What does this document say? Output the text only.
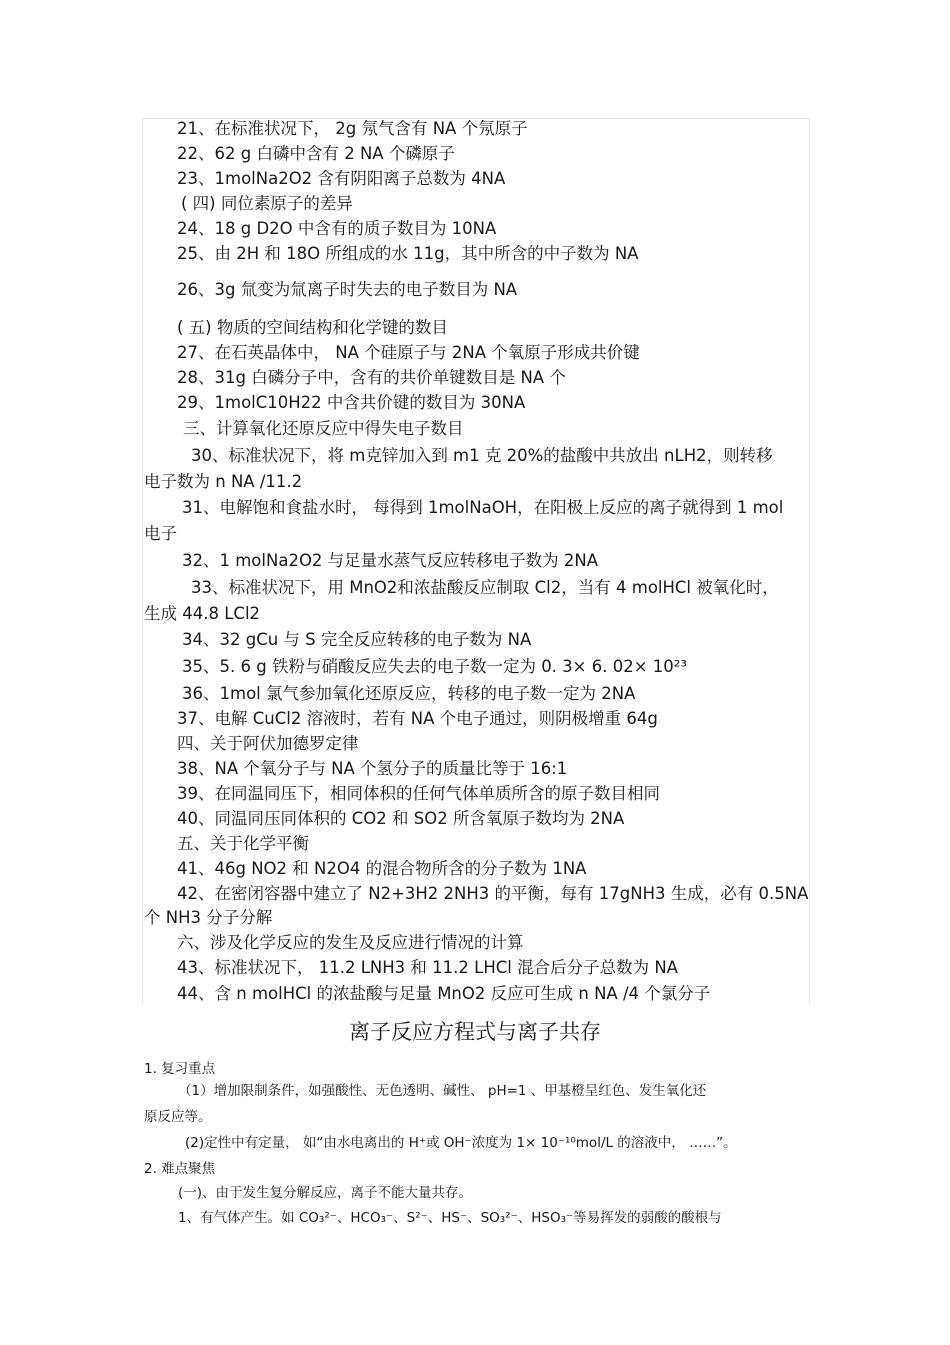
21、在标准状况下， 2g 氖气含有 NA 个氖原子
22、62 g 白磷中含有 2 NA 个磷原子
23、1molNa2O2 含有阴阳离子总数为 4NA
( 四) 同位素原子的差异
24、18 g D2O 中含有的质子数目为 10NA
25、由 2H 和 18O 所组成的水 11g，其中所含的中子数为 NA
26、3g 氚变为氚离子时失去的电子数目为 NA
( 五) 物质的空间结构和化学键的数目
27、在石英晶体中， NA 个硅原子与 2NA 个氧原子形成共价键
28、31g 白磷分子中，含有的共价单键数目是 NA 个
29、1molC10H22 中含共价键的数目为 30NA
三、计算氧化还原反应中得失电子数目
30、标准状况下，将 m克锌加入到 m1 克 20%的盐酸中共放出 nLH2，则转移
电子数为 n NA /11.2
31、电解饱和食盐水时， 每得到 1molNaOH，在阳极上反应的离子就得到 1 mol
电子
32、1 molNa2O2 与足量水蒸气反应转移电子数为 2NA
33、标准状况下，用 MnO2和浓盐酸反应制取 Cl2，当有 4 molHCl 被氧化时，
生成 44.8 LCl2
34、32 gCu 与 S 完全反应转移的电子数为 NA
35、5. 6 g 铁粉与硝酸反应失去的电子数一定为 0. 3× 6. 02× 10²³
36、1mol 氯气参加氧化还原反应，转移的电子数一定为 2NA
37、电解 CuCl2 溶液时，若有 NA 个电子通过，则阴极增重 64g
四、关于阿伏加德罗定律
38、NA 个氧分子与 NA 个氢分子的质量比等于 16:1
39、在同温同压下，相同体积的任何气体单质所含的原子数目相同
40、同温同压同体积的 CO2 和 SO2 所含氧原子数均为 2NA
五、关于化学平衡
41、46g NO2 和 N2O4 的混合物所含的分子数为 1NA
42、在密闭容器中建立了 N2+3H2 2NH3 的平衡，每有 17gNH3 生成，必有 0.5NA
个 NH3 分子分解
六、涉及化学反应的发生及反应进行情况的计算
43、标准状况下， 11.2 LNH3 和 11.2 LHCl 混合后分子总数为 NA
44、含 n molHCl 的浓盐酸与足量 MnO2 反应可生成 n NA /4 个氯分子
离子反应方程式与离子共存
1. 复习重点
（1）增加限制条件，如强酸性、无色透明、碱性、 pH=1 、甲基橙呈红色、发生氧化还
原反应等。
(2)定性中有定量， 如“由水电离出的 H⁺或 OH⁻浓度为 1× 10⁻¹⁰mol/L 的溶液中， ……”。
2. 难点聚焦
(一)、由于发生复分解反应，离子不能大量共存。
1、有气体产生。如 CO₃²⁻、HCO₃⁻、S²⁻、HS⁻、SO₃²⁻、HSO₃⁻等易挥发的弱酸的酸根与
